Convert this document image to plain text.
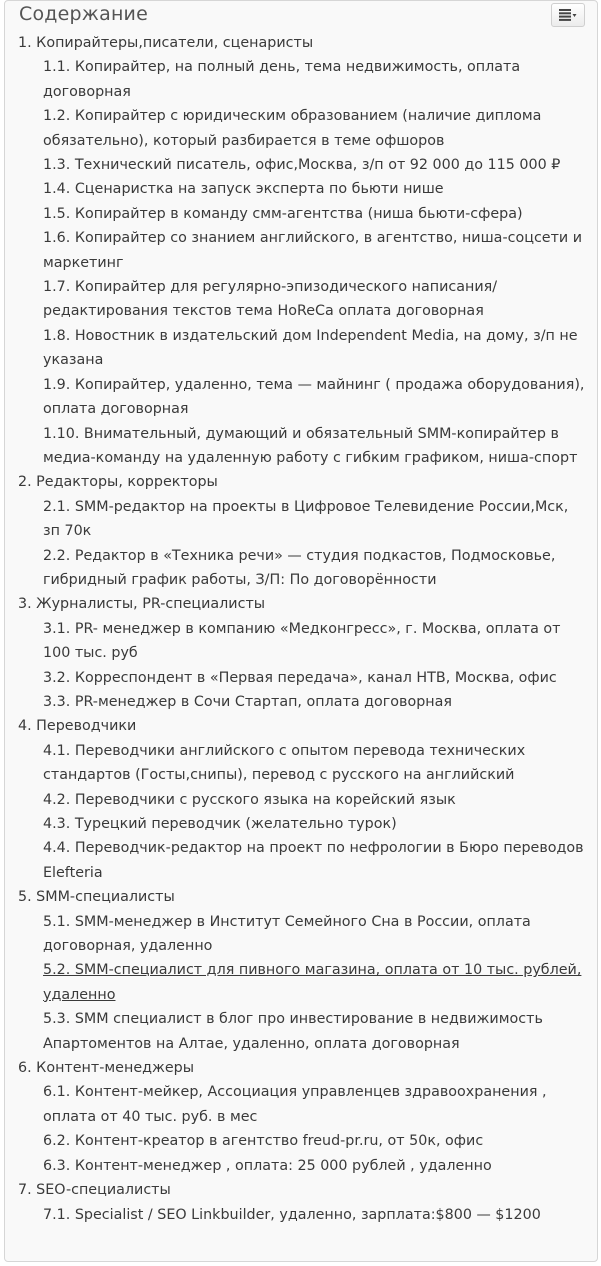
Содержание
1. Копирайтеры,писатели, сценаристы
1.1. Копирайтер, на полный день, тема недвижимость, оплата договорная
1.2. Копирайтер с юридическим образованием (наличие диплома обязательно), который разбирается в теме офшоров
1.3. Технический писатель, офис,Москва, з/п от 92 000 до 115 000 ₽
1.4. Сценаристка на запуск эксперта по бьюти нише
1.5. Копирайтер в команду смм-агентства (ниша бьюти-сфера)
1.6. Копирайтер со знанием английского, в агентство, ниша-соцсети и маркетинг
1.7. Копирайтер для регулярно-эпизодического написания/ редактирования текстов тема HoReCa оплата договорная
1.8. Новостник в издательский дом Independent Media, на дому, з/п не указана
1.9. Копирайтер, удаленно, тема — майнинг ( продажа оборудования), оплата договорная
1.10. Внимательный, думающий и обязательный SMM-копирайтер в медиа-команду на удаленную работу с гибким графиком, ниша-спорт
2. Редакторы, корректоры
2.1. SMM-редактор на проекты в Цифровое Телевидение России,Мск, зп 70к
2.2. Редактор в «Техника речи» — студия подкастов, Подмосковье, гибридный график работы, З/П: По договорённости
3. Журналисты, PR-специалисты
3.1. PR- менеджер в компанию «Медконгресс», г. Москва, оплата от 100 тыс. руб
3.2. Корреспондент в «Первая передача», канал НТВ, Москва, офис
3.3. PR-менеджер в Сочи Стартап, оплата договорная
4. Переводчики
4.1. Переводчики английского с опытом перевода технических стандартов (Госты,снипы), перевод с русского на английский
4.2. Переводчики с русского языка на корейский язык
4.3. Турецкий переводчик (желательно турок)
4.4. Переводчик-редактор на проект по нефрологии в Бюро переводов Elefteria
5. SMM-специалисты
5.1. SMM-менеджер в Институт Семейного Сна в России, оплата договорная, удаленно
5.2. SMM-специалист для пивного магазина, оплата от 10 тыс. рублей, удаленно
5.3. SMM специалист в блог про инвестирование в недвижимость Апартоментов на Алтае, удаленно, оплата договорная
6. Контент-менеджеры
6.1. Контент-мейкер, Ассоциация управленцев здравоохранения , оплата от 40 тыс. руб. в мес
6.2. Контент-креатор в агентство freud-pr.ru, от 50к, офис
6.3. Контент-менеджер , оплата: 25 000 рублей , удаленно
7. SEO-специалисты
7.1. Specialist / SEO Linkbuilder, удаленно, зарплата:$800 — $1200
